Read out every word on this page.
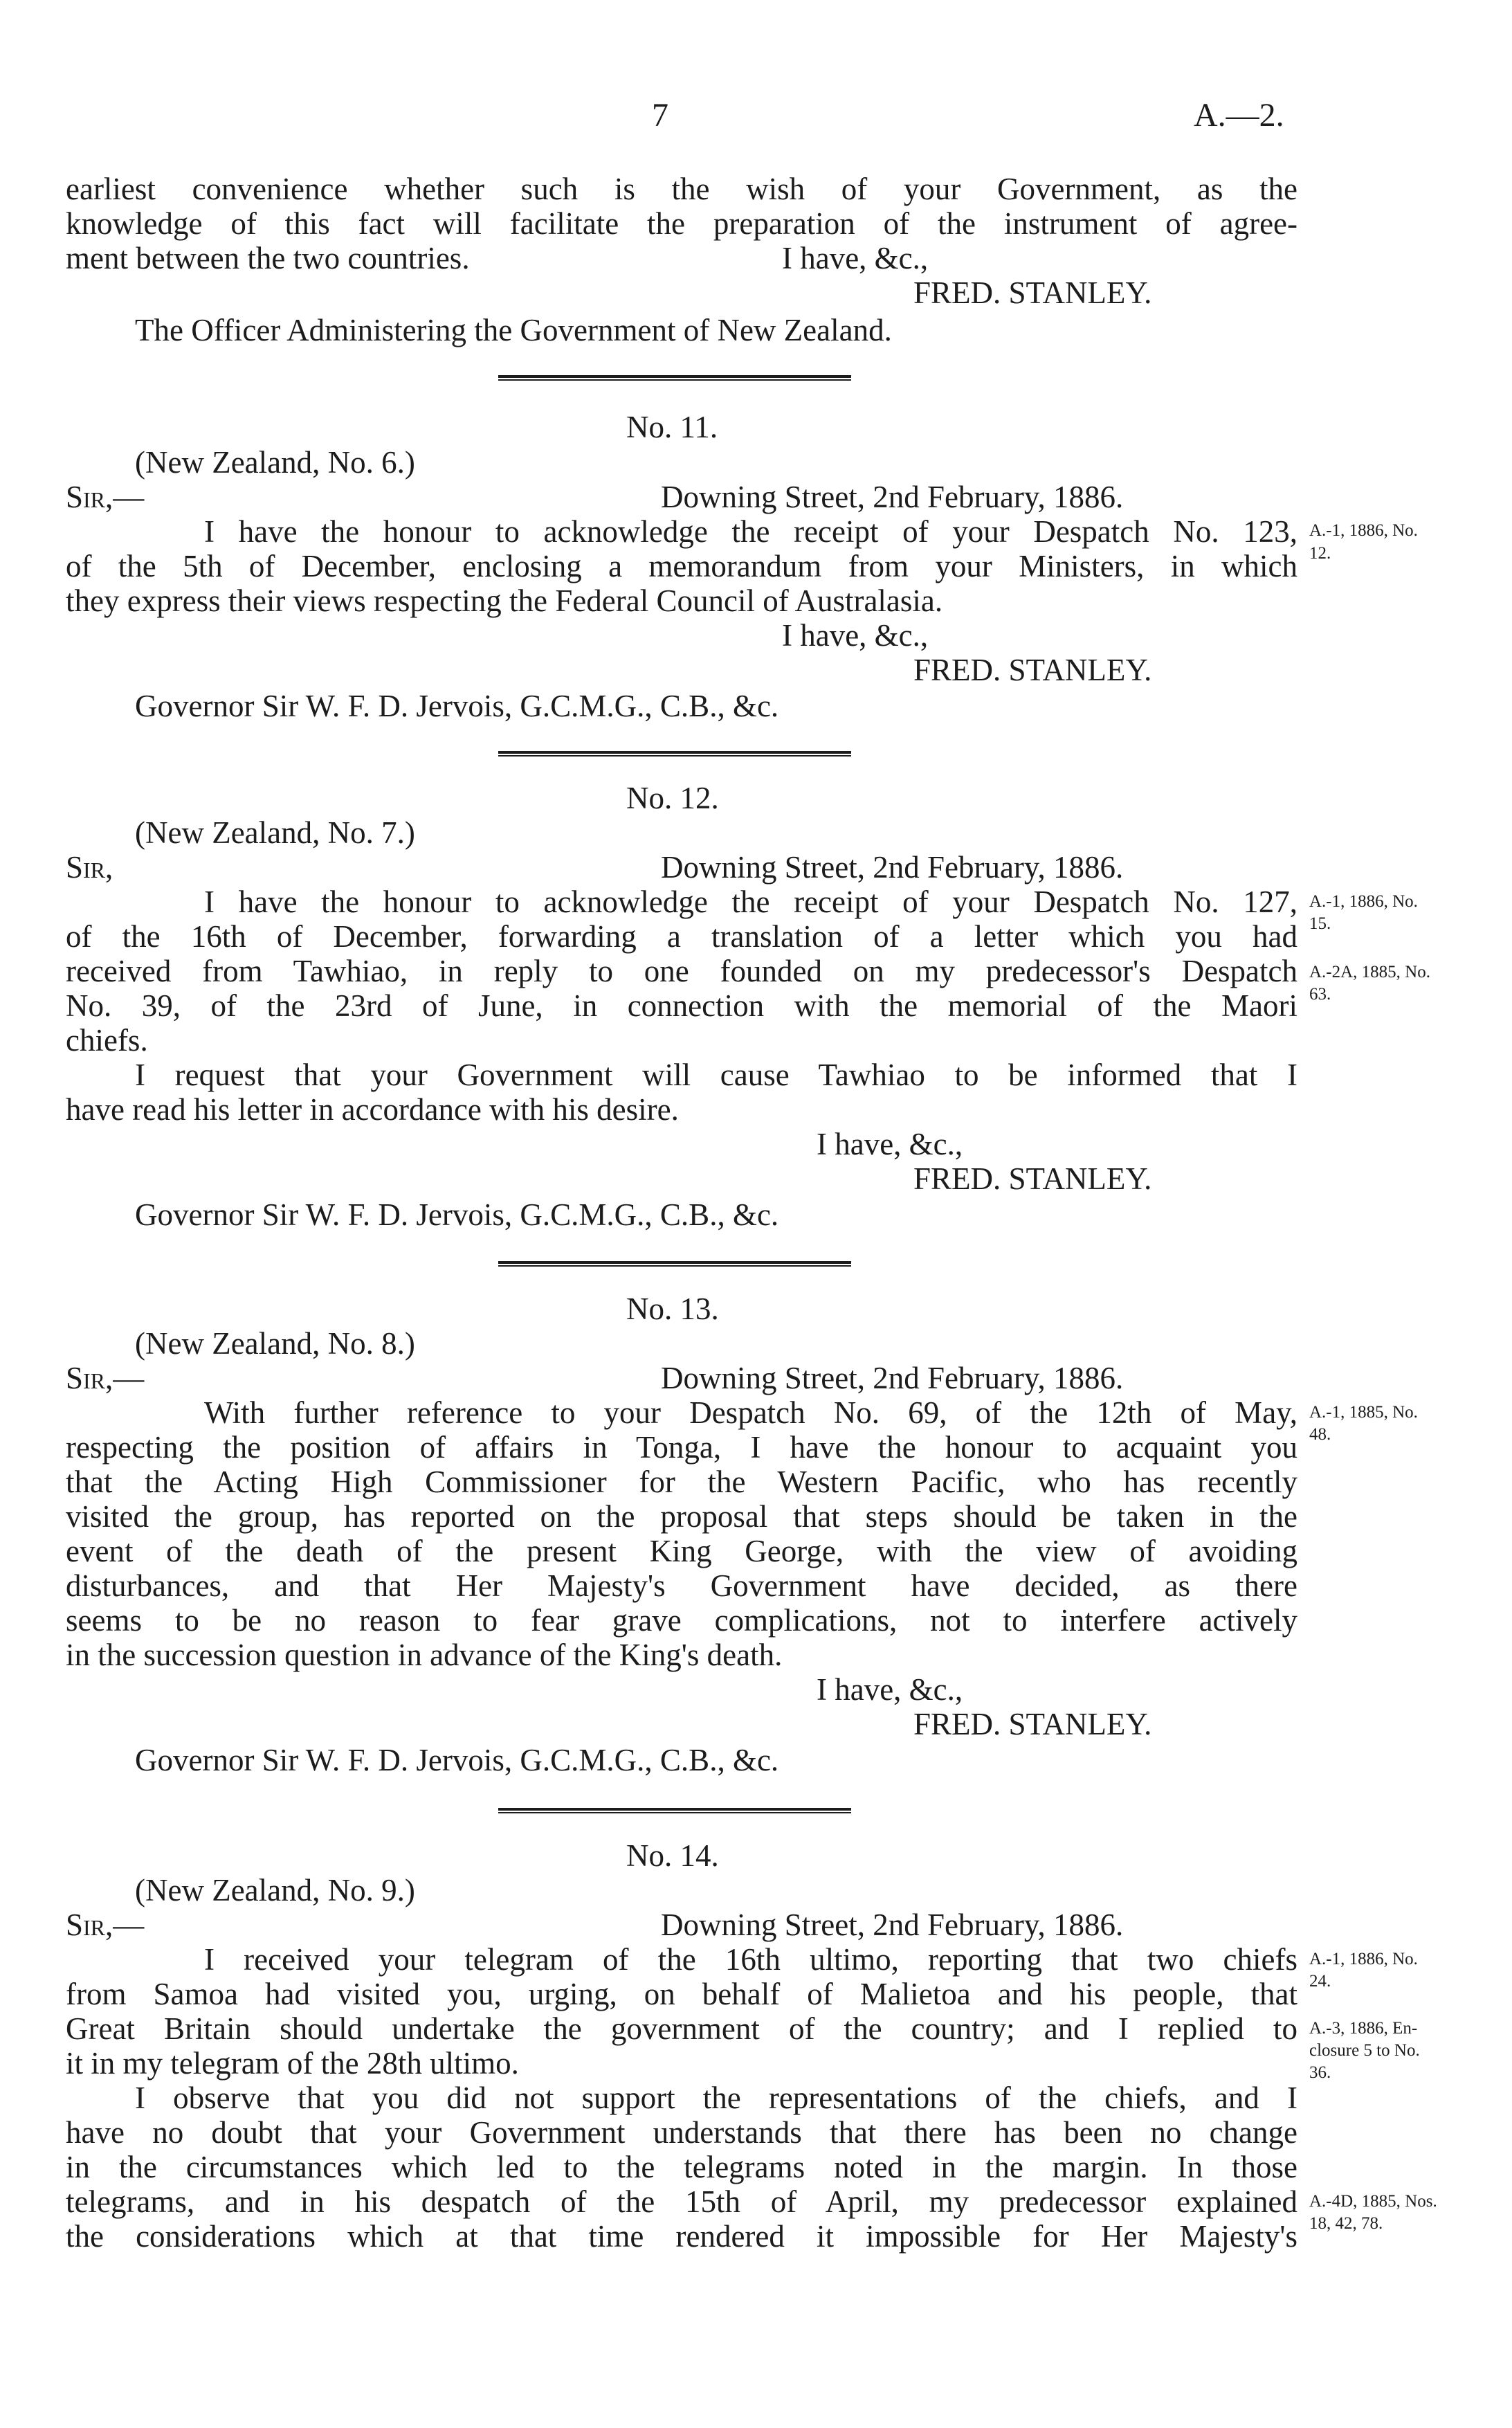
7	A.—2.
earliest convenience whether such is the wish of your Government, as the
knowledge of this fact will facilitate the preparation of the instrument of agree-
ment between the two countries.	I have, &c.,
FRED. STANLEY.
The Officer Administering the Government of New Zealand.
No. 11.
(New Zealand, No. 6.)
Sir,—	Downing Street, 2nd February, 1886.
I have the honour to acknowledge the receipt of your Despatch No. 123,
of the 5th of December, enclosing a memorandum from your Ministers, in which
they express their views respecting the Federal Council of Australasia.
A.-1, 1886, No.
12.
I have, &c.,
FRED. STANLEY.
Governor Sir W. F. D. Jervois, G.C.M.G., C.B., &c.
No. 12.
(New Zealand, No. 7.)
Sir,	Downing Street, 2nd February, 1886.
I have the honour to acknowledge the receipt of your Despatch No. 127,
of the 16th of December, forwarding a translation of a letter which you had
received from Tawhiao, in reply to one founded on my predecessor's Despatch
No. 39, of the 23rd of June, in connection with the memorial of the Maori
chiefs.
I request that your Government will cause Tawhiao to be informed that I
have read his letter in accordance with his desire.
A.-1, 1886, No.
15.
A.-2A, 1885, No.
63.
I have, &c.,
FRED. STANLEY.
Governor Sir W. F. D. Jervois, G.C.M.G., C.B., &c.
No. 13.
(New Zealand, No. 8.)
Sir,—	Downing Street, 2nd February, 1886.
With further reference to your Despatch No. 69, of the 12th of May,
respecting the position of affairs in Tonga, I have the honour to acquaint you
that the Acting High Commissioner for the Western Pacific, who has recently
visited the group, has reported on the proposal that steps should be taken in the
event of the death of the present King George, with the view of avoiding
disturbances, and that Her Majesty's Government have decided, as there
seems to be no reason to fear grave complications, not to interfere actively
in the succession question in advance of the King's death.
A.-1, 1885, No.
48.
I have, &c.,
FRED. STANLEY.
Governor Sir W. F. D. Jervois, G.C.M.G., C.B., &c.
No. 14.
(New Zealand, No. 9.)
Sir,—	Downing Street, 2nd February, 1886.
I received your telegram of the 16th ultimo, reporting that two chiefs
from Samoa had visited you, urging, on behalf of Malietoa and his people, that
Great Britain should undertake the government of the country; and I replied to
it in my telegram of the 28th ultimo.
I observe that you did not support the representations of the chiefs, and I
have no doubt that your Government understands that there has been no change
in the circumstances which led to the telegrams noted in the margin. In those
telegrams, and in his despatch of the 15th of April, my predecessor explained
the considerations which at that time rendered it impossible for Her Majesty's
A.-1, 1886, No.
24.
A.-3, 1886, En-
closure 5 to No.
36.
A.-4D, 1885, Nos.
18, 42, 78.
